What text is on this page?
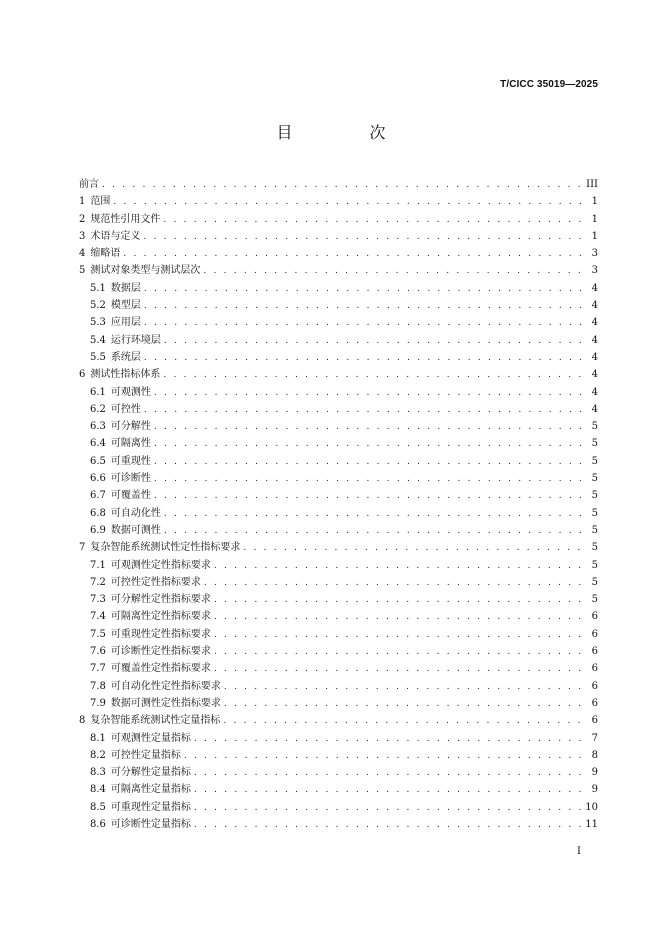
T/CICC 35019—2025
目 次
前言 . . .	III
1 范围 . . .	1
2 规范性引用文件 . . .	1
3 术语与定义 . . .	1
4 缩略语 . . .	3
5 测试对象类型与测试层次 . . .	3
5.1 数据层 . . .	4
5.2 模型层 . . .	4
5.3 应用层 . . .	4
5.4 运行环境层 . . .	4
5.5 系统层 . . .	4
6 测试性指标体系 . . .	4
6.1 可观测性 . . .	4
6.2 可控性 . . .	4
6.3 可分解性 . . .	5
6.4 可隔离性 . . .	5
6.5 可重现性 . . .	5
6.6 可诊断性 . . .	5
6.7 可覆盖性 . . .	5
6.8 可自动化性 . . .	5
6.9 数据可测性 . . .	5
7 复杂智能系统测试性定性指标要求 . . .	5
7.1 可观测性定性指标要求 . . .	5
7.2 可控性定性指标要求 . . .	5
7.3 可分解性定性指标要求 . . .	5
7.4 可隔离性定性指标要求 . . .	6
7.5 可重现性定性指标要求 . . .	6
7.6 可诊断性定性指标要求 . . .	6
7.7 可覆盖性定性指标要求 . . .	6
7.8 可自动化性定性指标要求 . . .	6
7.9 数据可测性定性指标要求 . . .	6
8 复杂智能系统测试性定量指标 . . .	6
8.1 可观测性定量指标 . . .	7
8.2 可控性定量指标 . . .	8
8.3 可分解性定量指标 . . .	9
8.4 可隔离性定量指标 . . .	9
8.5 可重现性定量指标 . . .	10
8.6 可诊断性定量指标 . . .	11
I
